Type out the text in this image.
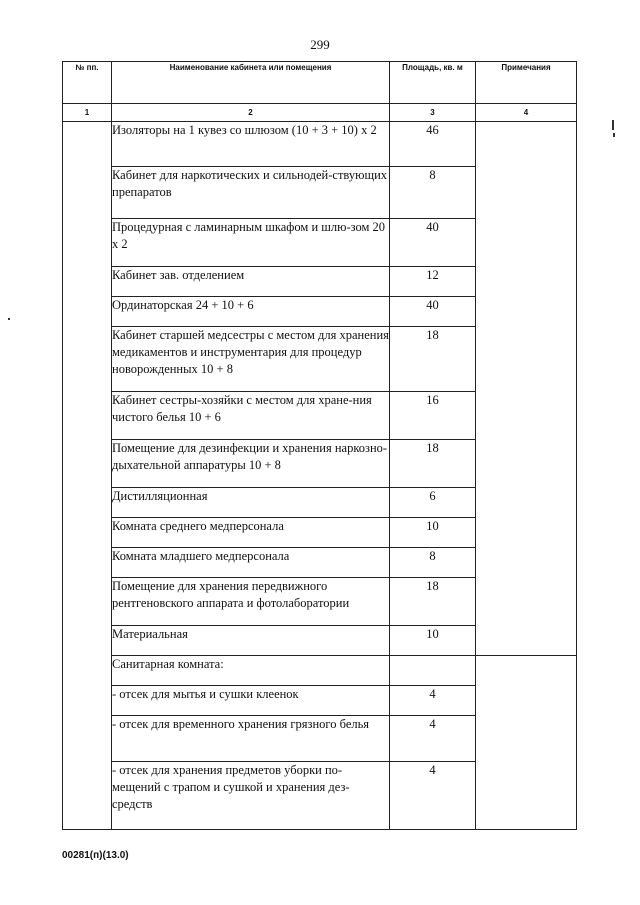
299
№ пп.	Наименование кабинета или помещения	Площадь, кв. м	Примечания
1	2	3	4
	Изоляторы на 1 кувез со шлюзом (10 + 3 + 10) х 2	46	
	Кабинет для наркотических и сильнодей-ствующих препаратов	8	
	Процедурная с ламинарным шкафом и шлю-зом 20 х 2	40	
	Кабинет зав. отделением	12	
	Ординаторская 24 + 10 + 6	40	
	Кабинет старшей медсестры с местом для хранения медикаментов и инструментария для процедур новорожденных 10 + 8	18	
	Кабинет сестры-хозяйки с местом для хране-ния чистого белья 10 + 6	16	
	Помещение для дезинфекции и хранения наркозно-дыхательной аппаратуры 10 + 8	18	
	Дистилляционная	6	
	Комната среднего медперсонала	10	
	Комната младшего медперсонала	8	
	Помещение для хранения передвижного рентгеновского аппарата и фотолаборатории	18	
	Материальная	10	
	Санитарная комната:		
	- отсек для мытья и сушки клеенок	4	
	- отсек для временного хранения грязного белья	4	
	- отсек для хранения предметов уборки по-мещений с трапом и сушкой и хранения дез-средств	4	
00281(п)(13.0)
